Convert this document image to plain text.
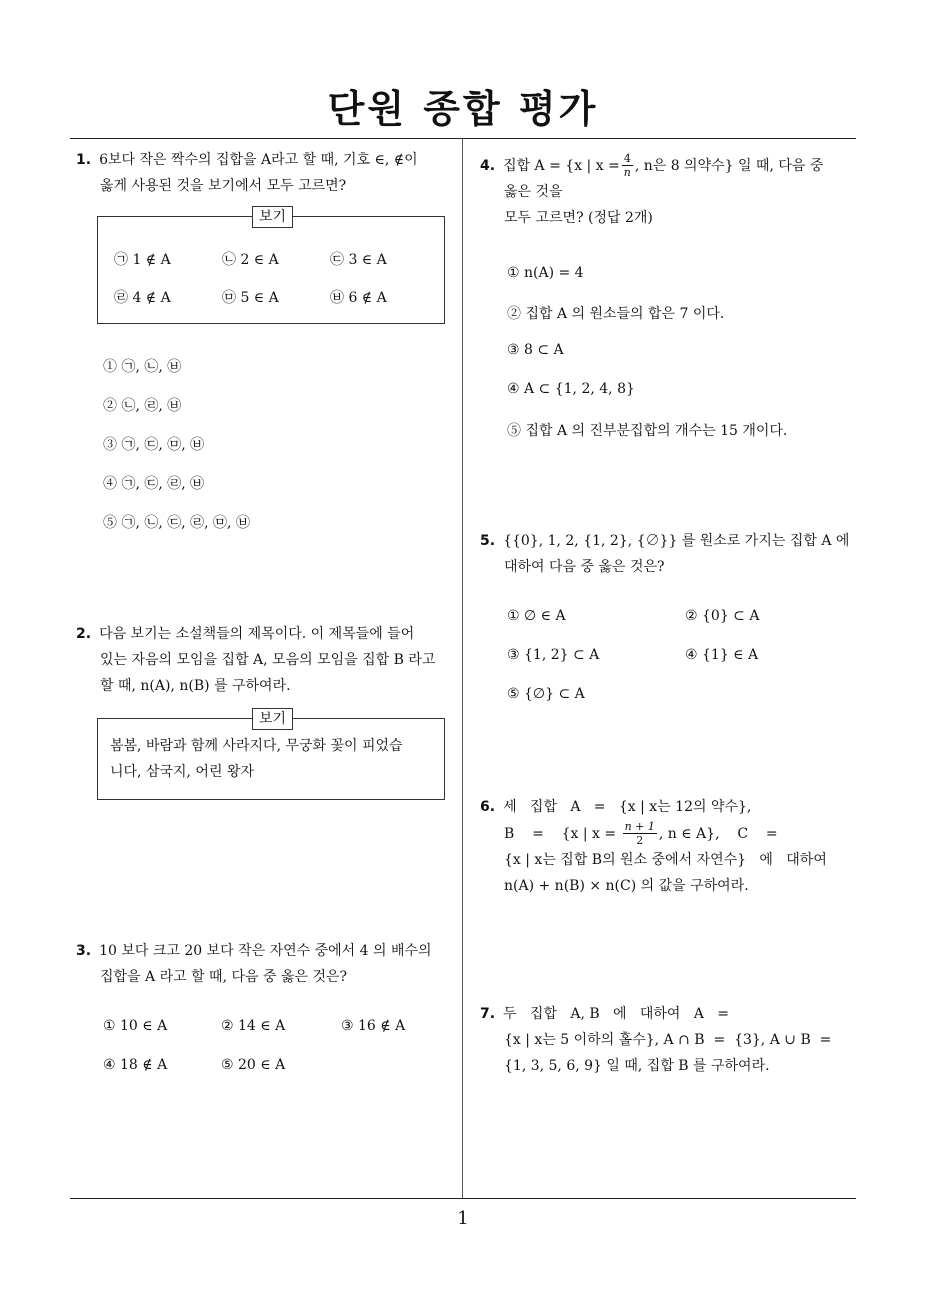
단원 종합 평가
1. 6보다 작은 짝수의 집합을 A라고 할 때, 기호 ∈, ∉이
옳게 사용된 것을 보기에서 모두 고르면?
보기
㉠ 1 ∉ A	㉡ 2 ∈ A	㉢ 3 ∈ A
㉣ 4 ∉ A	㉤ 5 ∈ A	㉥ 6 ∉ A
① ㉠, ㉡, ㉥
② ㉡, ㉣, ㉥
③ ㉠, ㉢, ㉤, ㉥
④ ㉠, ㉢, ㉣, ㉥
⑤ ㉠, ㉡, ㉢, ㉣, ㉤, ㉥
2. 다음 보기는 소설책들의 제목이다. 이 제목들에 들어
있는 자음의 모임을 집합 A, 모음의 모임을 집합 B 라고
할 때, n(A), n(B) 를 구하여라.
보기
봄봄, 바람과 함께 사라지다, 무궁화 꽃이 피었습
니다, 삼국지, 어린 왕자
3. 10 보다 크고 20 보다 작은 자연수 중에서 4 의 배수의
집합을 A 라고 할 때, 다음 중 옳은 것은?
① 10 ∈ A	② 14 ∈ A	③ 16 ∉ A
④ 18 ∉ A	⑤ 20 ∈ A
4. 집합 A = {x | $x = \frac{4}{n}$ , n은 8 의약수} 일 때, 다음 중
옳은 것을
모두 고르면? (정답 2개)
① n(A) = 4
② 집합 A 의 원소들의 합은 7 이다.
③ 8 ⊂ A
④ A ⊂ {1, 2, 4, 8}
⑤ 집합 A 의 진부분집합의 개수는 15 개이다.
5. {{0}, 1, 2, {1, 2}, {∅}} 를 원소로 가지는 집합 A 에
대하여 다음 중 옳은 것은?
① ∅ ∈ A	② {0} ⊂ A
③ {1, 2} ⊂ A	④ {1} ∈ A
⑤ {∅} ⊂ A
6. 세   집합   A   =   {x | x는 12의 약수},
B    =    {x | $x = \frac{n + 1}{2}$ , n ∈ A},    C    =
{x | x는 집합 B의 원소 중에서 자연수}   에   대하여
n(A) + n(B) × n(C) 의 값을 구하여라.
7. 두   집합   A, B   에   대하여   A   =
{x | x는 5 이하의 홀수}, A ∩ B  =  {3}, A ∪ B  =
{1, 3, 5, 6, 9} 일 때, 집합 B 를 구하여라.
1
